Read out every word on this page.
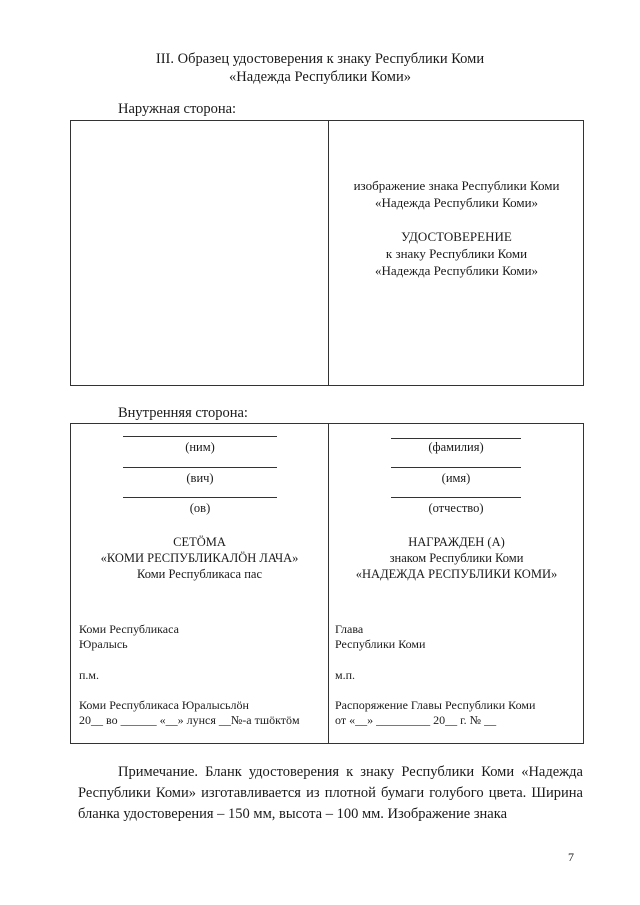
III. Образец удостоверения к знаку Республики Коми
«Надежда Республики Коми»
Наружная сторона:
изображение знака Республики Коми
«Надежда Республики Коми»
УДОСТОВЕРЕНИЕ
к знаку Республики Коми
«Надежда Республики Коми»
Внутренняя сторона:
(ним)
(вич)
(ов)
СЕТÖМА
«КОМИ РЕСПУБЛИКАЛÖН ЛАЧА»
Коми Республикаса пас
Коми Республикаса
Юралысь
п.м.
Коми Республикаса Юралысьлöн
20__ во ______ «__» лунся __№-а тшöктöм
(фамилия)
(имя)
(отчество)
НАГРАЖДЕН (А)
знаком Республики Коми
«НАДЕЖДА РЕСПУБЛИКИ КОМИ»
Глава
Республики Коми
м.п.
Распоряжение Главы Республики Коми
от «__» _________ 20__ г. № __
Примечание. Бланк удостоверения к знаку Республики Коми «Надежда Республики Коми» изготавливается из плотной бумаги голубого цвета. Ширина бланка удостоверения – 150 мм, высота – 100 мм. Изображение знака
7
